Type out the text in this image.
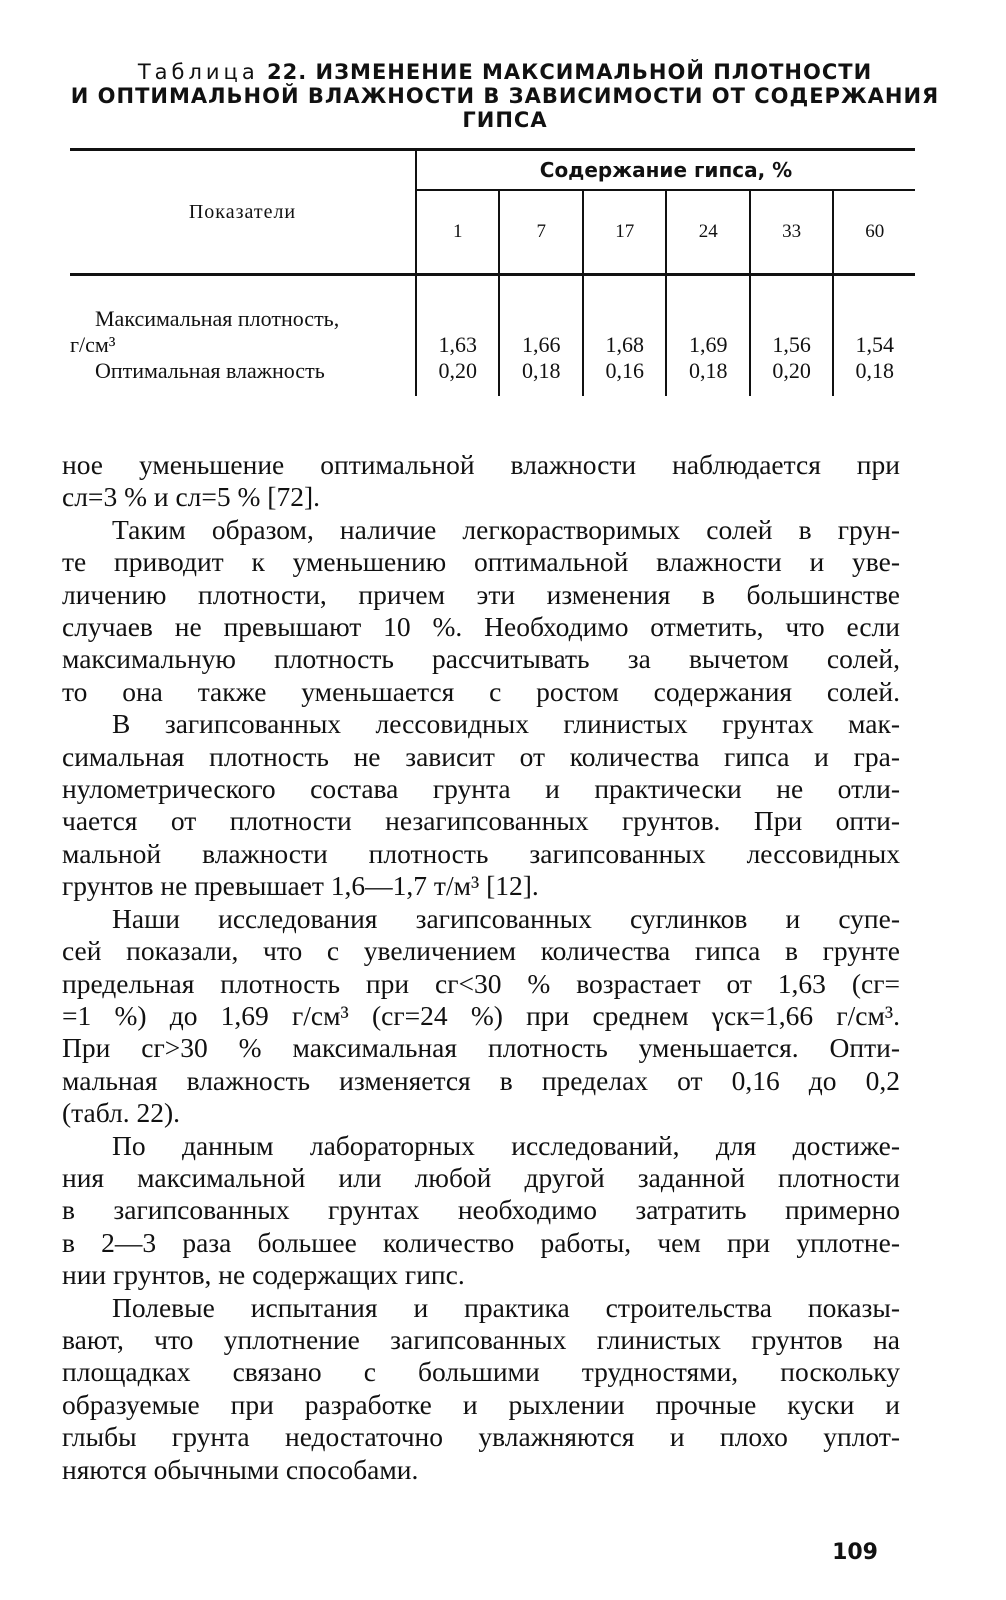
Таблица 22. ИЗМЕНЕНИЕ МАКСИМАЛЬНОЙ ПЛОТНОСТИ
И ОПТИМАЛЬНОЙ ВЛАЖНОСТИ В ЗАВИСИМОСТИ ОТ СОДЕРЖАНИЯ
ГИПСА

Показатели	Содержание гипса, %					
	1	7	17	24	33	60

Максимальная плотность,
г/см³	1,63	1,66	1,68	1,69	1,56	1,54

Оптимальная влажность	0,20	0,18	0,16	0,18	0,20	0,18

ное уменьшение оптимальной влажности наблюдается при
cл=3 % и cл=5 % [72].
Таким образом, наличие легкорастворимых солей в грун-
те приводит к уменьшению оптимальной влажности и уве-
личению плотности, причем эти изменения в большинстве
случаев не превышают 10 %. Необходимо отметить, что если
максимальную плотность рассчитывать за вычетом солей,
то она также уменьшается с ростом содержания солей.
В загипсованных лессовидных глинистых грунтах мак-
симальная плотность не зависит от количества гипса и гра-
нулометрического состава грунта и практически не отли-
чается от плотности незагипсованных грунтов. При опти-
мальной влажности плотность загипсованных лессовидных
грунтов не превышает 1,6—1,7 т/м³ [12].
Наши исследования загипсованных суглинков и супе-
сей показали, что с увеличением количества гипса в грунте
предельная плотность при cг<30 % возрастает от 1,63 (cг=
=1 %) до 1,69 г/см³ (cг=24 %) при среднем γск=1,66 г/см³.
При cг>30 % максимальная плотность уменьшается. Опти-
мальная влажность изменяется в пределах от 0,16 до 0,2
(табл. 22).
По данным лабораторных исследований, для достиже-
ния максимальной или любой другой заданной плотности
в загипсованных грунтах необходимо затратить примерно
в 2—3 раза большее количество работы, чем при уплотне-
нии грунтов, не содержащих гипс.
Полевые испытания и практика строительства показы-
вают, что уплотнение загипсованных глинистых грунтов на
площадках связано с большими трудностями, поскольку
образуемые при разработке и рыхлении прочные куски и
глыбы грунта недостаточно увлажняются и плохо уплот-
няются обычными способами.
109
